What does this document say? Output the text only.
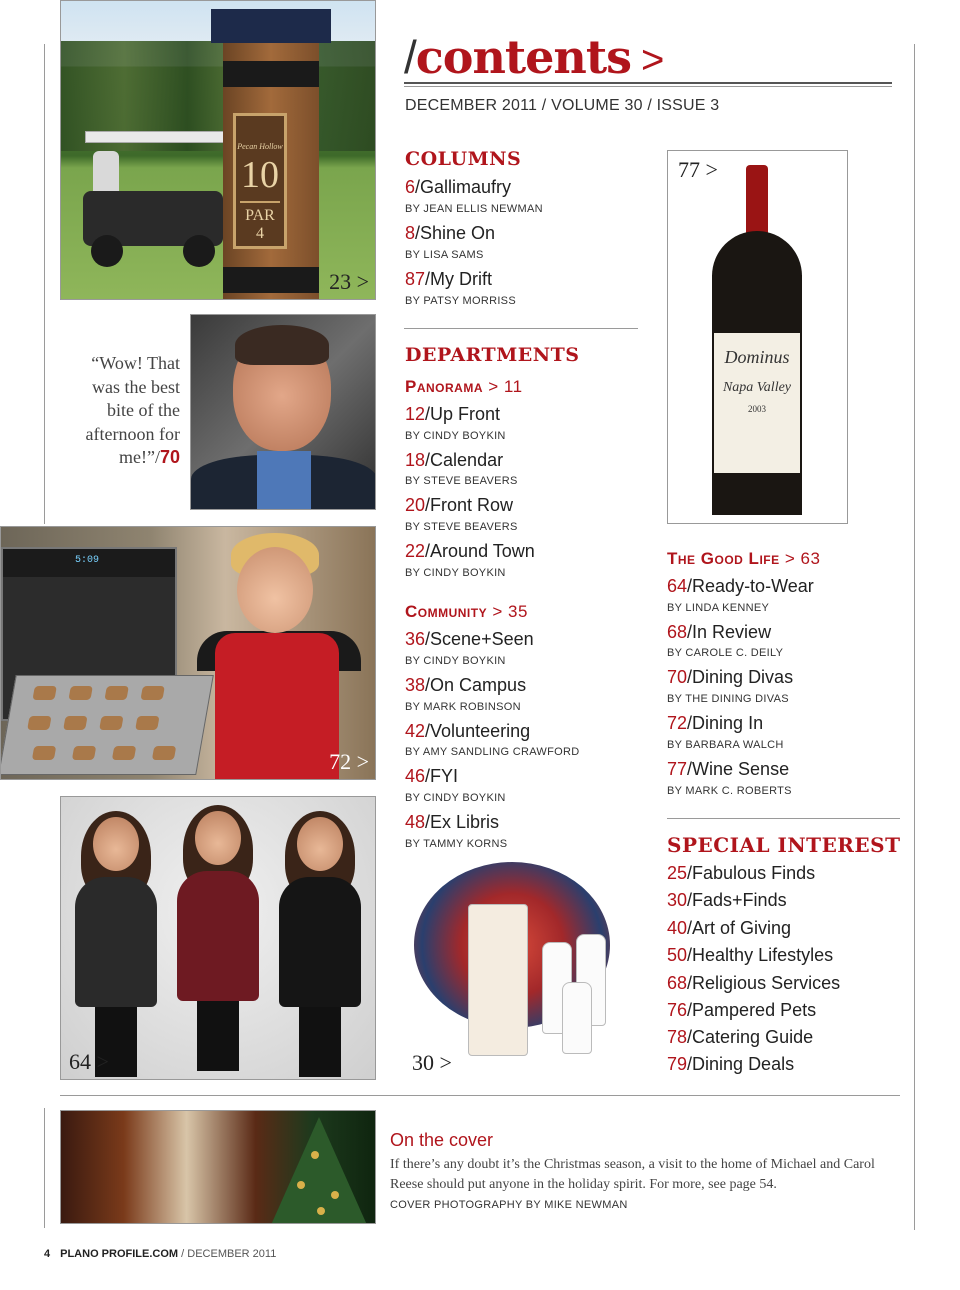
/contents >
DECEMBER 2011 / VOLUME 30 / ISSUE 3
Pecan Hollow
10
PAR 4
23 >
“Wow! That was the best bite of the afternoon for me!”/70
5:09
72 >
64 >	30 >
77 >
Dominus
Napa Valley
2003
COLUMNS
6/Gallimaufry
BY JEAN ELLIS NEWMAN
8/Shine On
BY LISA SAMS
87/My Drift
BY PATSY MORRISS
DEPARTMENTS
Panorama > 11
12/Up Front
BY CINDY BOYKIN
18/Calendar
BY STEVE BEAVERS
20/Front Row
BY STEVE BEAVERS
22/Around Town
BY CINDY BOYKIN
Community > 35
36/Scene+Seen
BY CINDY BOYKIN
38/On Campus
BY MARK ROBINSON
42/Volunteering
BY AMY SANDLING CRAWFORD
46/FYI
BY CINDY BOYKIN
48/Ex Libris
BY TAMMY KORNS
The Good Life > 63
64/Ready-to-Wear
BY LINDA KENNEY
68/In Review
BY CAROLE C. DEILY
70/Dining Divas
BY THE DINING DIVAS
72/Dining In
BY BARBARA WALCH
77/Wine Sense
BY MARK C. ROBERTS
SPECIAL INTEREST
25/Fabulous Finds
30/Fads+Finds
40/Art of Giving
50/Healthy Lifestyles
68/Religious Services
76/Pampered Pets
78/Catering Guide
79/Dining Deals
On the cover
If there’s any doubt it’s the Christmas season, a visit to the home of Michael and Carol Reese should put anyone in the holiday spirit. For more, see page 54.
COVER PHOTOGRAPHY BY MIKE NEWMAN
4 PLANO PROFILE.COM / DECEMBER 2011
